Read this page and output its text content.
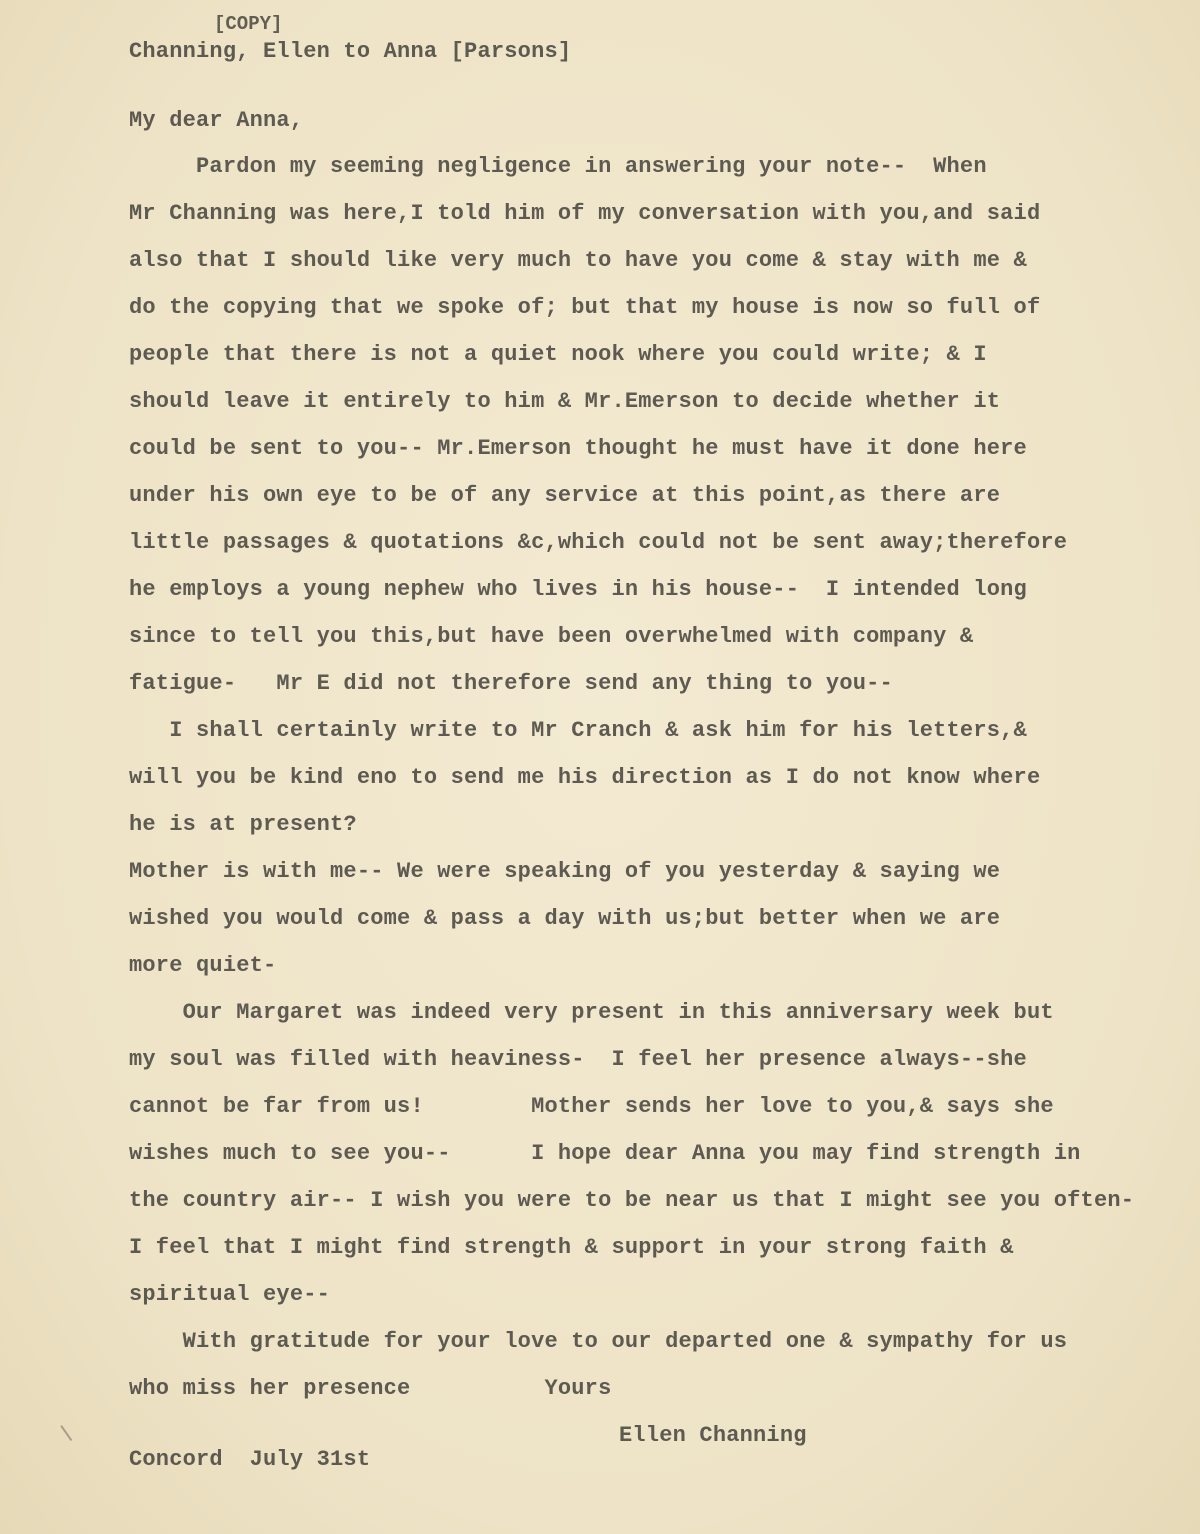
[COPY]

Channing, Ellen to Anna [Parsons]

My dear Anna,

Pardon my seeming negligence in answering your note--  When

Mr Channing was here,I told him of my conversation with you,and said

also that I should like very much to have you come & stay with me &

do the copying that we spoke of; but that my house is now so full of

people that there is not a quiet nook where you could write; & I

should leave it entirely to him & Mr.Emerson to decide whether it

could be sent to you-- Mr.Emerson thought he must have it done here

under his own eye to be of any service at this point,as there are

little passages & quotations &c,which could not be sent away;therefore

he employs a young nephew who lives in his house--  I intended long

since to tell you this,but have been overwhelmed with company &

fatigue-   Mr E did not therefore send any thing to you--

I shall certainly write to Mr Cranch & ask him for his letters,&

will you be kind eno to send me his direction as I do not know where

he is at present?

Mother is with me-- We were speaking of you yesterday & saying we

wished you would come & pass a day with us;but better when we are

more quiet-

Our Margaret was indeed very present in this anniversary week but

my soul was filled with heaviness-  I feel her presence always--she

cannot be far from us!        Mother sends her love to you,& says she

wishes much to see you--      I hope dear Anna you may find strength in

the country air-- I wish you were to be near us that I might see you often-

I feel that I might find strength & support in your strong faith &

spiritual eye--

With gratitude for your love to our departed one & sympathy for us

who miss her presence          Yours

Ellen Channing

Concord  July 31st
